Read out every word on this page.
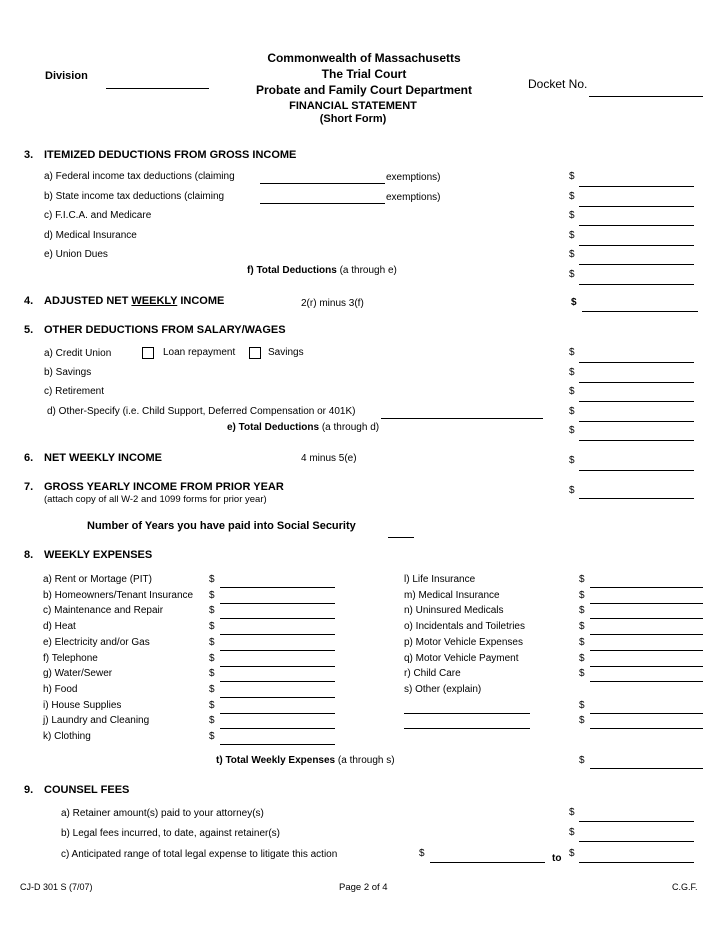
Commonwealth of Massachusetts
The Trial Court
Probate and Family Court Department
FINANCIAL STATEMENT
(Short Form)
Division
Docket No.
3. ITEMIZED DEDUCTIONS FROM GROSS INCOME
a) Federal income tax deductions (claiming	exemptions)	$
b) State income tax deductions (claiming	exemptions)	$
c) F.I.C.A. and Medicare	$
d) Medical Insurance	$
e) Union Dues	$
f) Total Deductions (a through e)	$
4. ADJUSTED NET WEEKLY INCOME	2(r) minus 3(f)	$
5. OTHER DEDUCTIONS FROM SALARY/WAGES
a) Credit Union	Loan repayment	Savings	$
b) Savings	$
c) Retirement	$
d) Other-Specify (i.e. Child Support, Deferred Compensation or 401K)	$
e) Total Deductions (a through d)	$
6. NET WEEKLY INCOME	4 minus 5(e)	$
7. GROSS YEARLY INCOME FROM PRIOR YEAR
(attach copy of all W-2 and 1099 forms for prior year)
$
Number of Years you have paid into Social Security
8. WEEKLY EXPENSES
a) Rent or Mortage (PIT)	$
b) Homeowners/Tenant Insurance $
c) Maintenance and Repair	$
d) Heat	$
e) Electricity and/or Gas	$
f) Telephone	$
g) Water/Sewer	$
h) Food	$
i) House Supplies	$
j) Laundry and Cleaning	$
k) Clothing	$
l) Life Insurance	$
m) Medical Insurance	$
n) Uninsured Medicals	$
o) Incidentals and Toiletries	$
p) Motor Vehicle Expenses	$
q) Motor Vehicle Payment	$
r) Child Care	$
s) Other (explain)
$
$
t) Total Weekly Expenses (a through s)	$
9. COUNSEL FEES
a) Retainer amount(s) paid to your attorney(s)	$
b) Legal fees incurred, to date, against retainer(s)	$
c) Anticipated range of total legal expense to litigate this action	$	to $
CJ-D 301 S (7/07)	Page 2 of 4	C.G.F.
